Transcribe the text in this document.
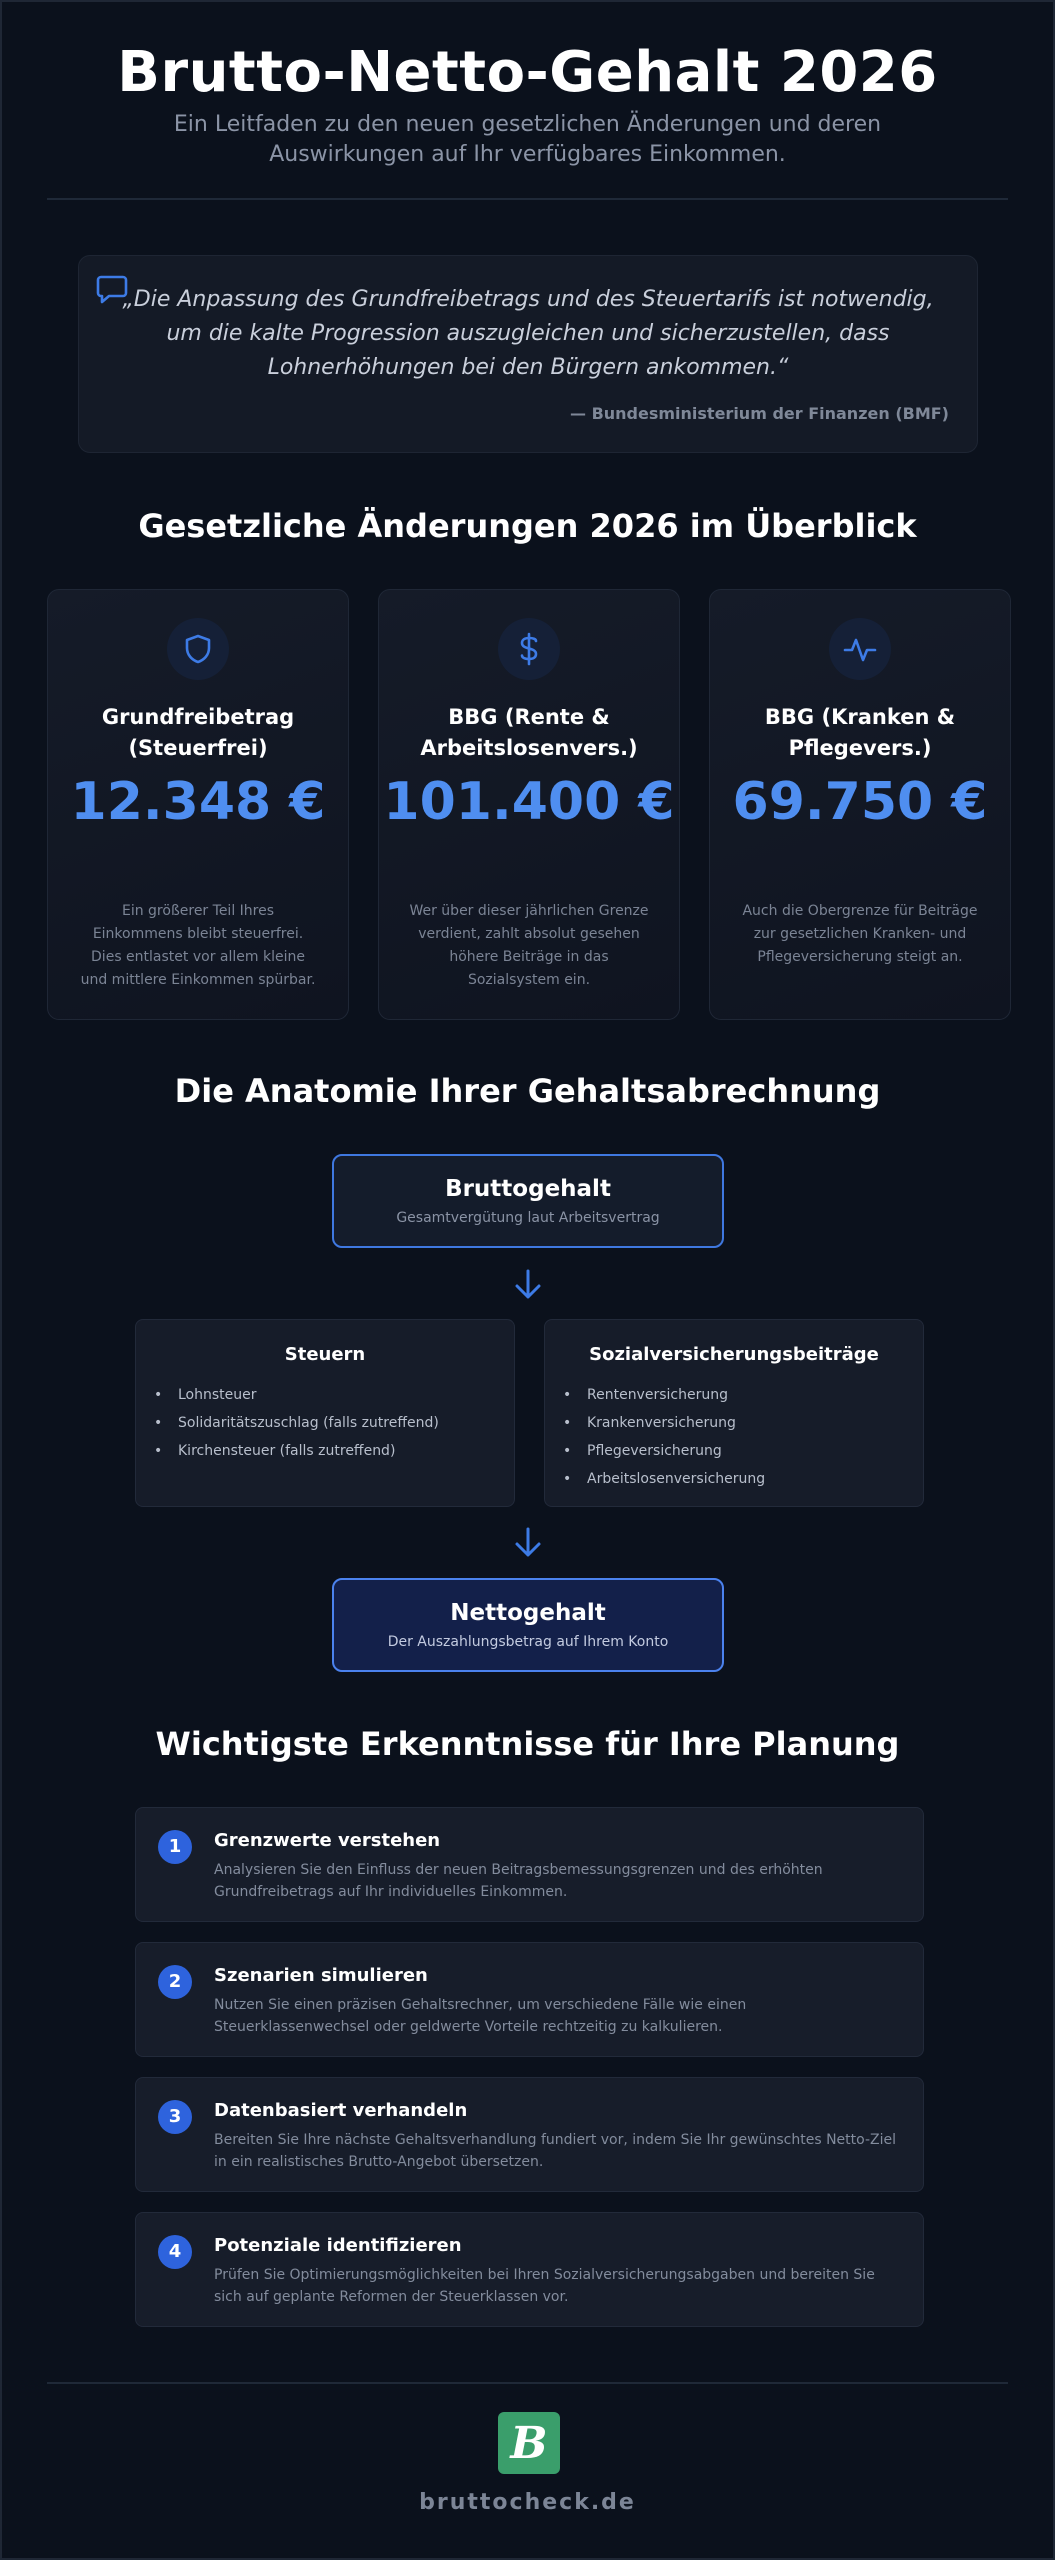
Brutto-Netto-Gehalt 2026
Ein Leitfaden zu den neuen gesetzlichen Änderungen und deren Auswirkungen auf Ihr verfügbares Einkommen.
„Die Anpassung des Grundfreibetrags und des Steuertarifs ist notwendig, um die kalte Progression auszugleichen und sicherzustellen, dass Lohnerhöhungen bei den Bürgern ankommen.“
— Bundesministerium der Finanzen (BMF)
Gesetzliche Änderungen 2026 im Überblick
Grundfreibetrag (Steuerfrei)
12.348 €
Ein größerer Teil Ihres Einkommens bleibt steuerfrei. Dies entlastet vor allem kleine und mittlere Einkommen spürbar.
BBG (Rente & Arbeitslosenvers.)
101.400 €
Wer über dieser jährlichen Grenze verdient, zahlt absolut gesehen höhere Beiträge in das Sozialsystem ein.
BBG (Kranken & Pflegevers.)
69.750 €
Auch die Obergrenze für Beiträge zur gesetzlichen Kranken- und Pflegeversicherung steigt an.
Die Anatomie Ihrer Gehaltsabrechnung
Bruttogehalt
Gesamtvergütung laut Arbeitsvertrag
Steuern
• Lohnsteuer
• Solidaritätszuschlag (falls zutreffend)
• Kirchensteuer (falls zutreffend)
Sozialversicherungsbeiträge
• Rentenversicherung
• Krankenversicherung
• Pflegeversicherung
• Arbeitslosenversicherung
Nettogehalt
Der Auszahlungsbetrag auf Ihrem Konto
Wichtigste Erkenntnisse für Ihre Planung
1	Grenzwerte verstehen
Analysieren Sie den Einfluss der neuen Beitragsbemessungsgrenzen und des erhöhten Grundfreibetrags auf Ihr individuelles Einkommen.
2	Szenarien simulieren
Nutzen Sie einen präzisen Gehaltsrechner, um verschiedene Fälle wie einen Steuerklassenwechsel oder geldwerte Vorteile rechtzeitig zu kalkulieren.
3	Datenbasiert verhandeln
Bereiten Sie Ihre nächste Gehaltsverhandlung fundiert vor, indem Sie Ihr gewünschtes Netto-Ziel in ein realistisches Brutto-Angebot übersetzen.
4	Potenziale identifizieren
Prüfen Sie Optimierungsmöglichkeiten bei Ihren Sozialversicherungsabgaben und bereiten Sie sich auf geplante Reformen der Steuerklassen vor.
B
bruttocheck.de
